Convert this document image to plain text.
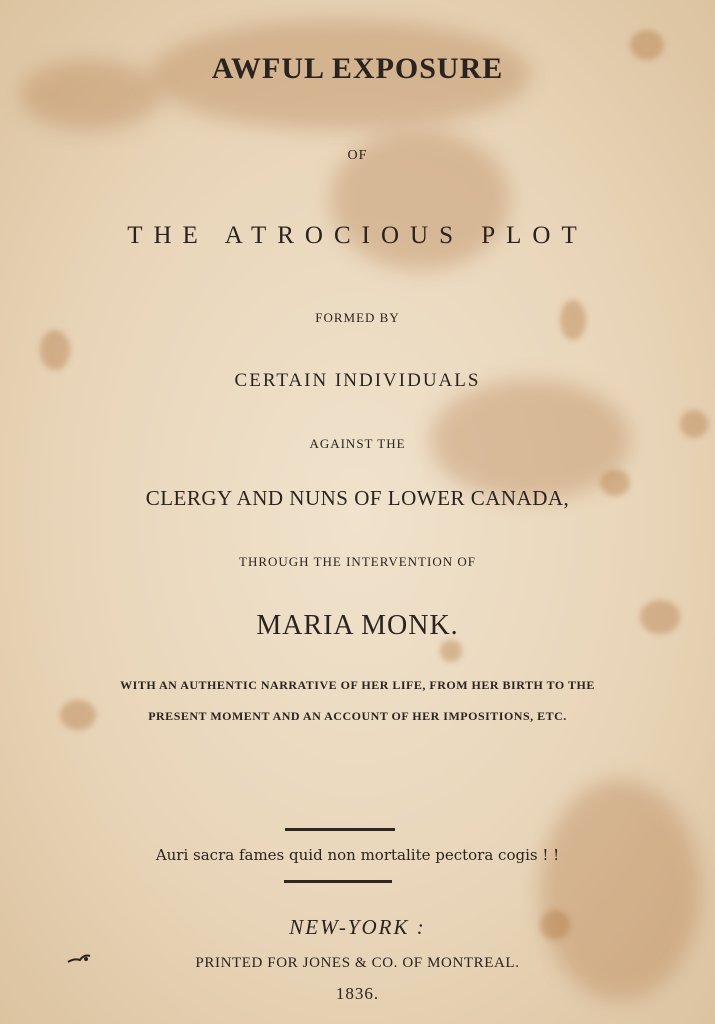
AWFUL EXPOSURE
OF
THE ATROCIOUS PLOT
FORMED BY
CERTAIN INDIVIDUALS
AGAINST THE
CLERGY AND NUNS OF LOWER CANADA,
THROUGH THE INTERVENTION OF
MARIA MONK.
WITH AN AUTHENTIC NARRATIVE OF HER LIFE, FROM HER BIRTH TO THE
PRESENT MOMENT AND AN ACCOUNT OF HER IMPOSITIONS, ETC.
Auri sacra fames quid non mortalite pectora cogis ! !
NEW-YORK :
PRINTED FOR JONES & CO. OF MONTREAL.
1836.
